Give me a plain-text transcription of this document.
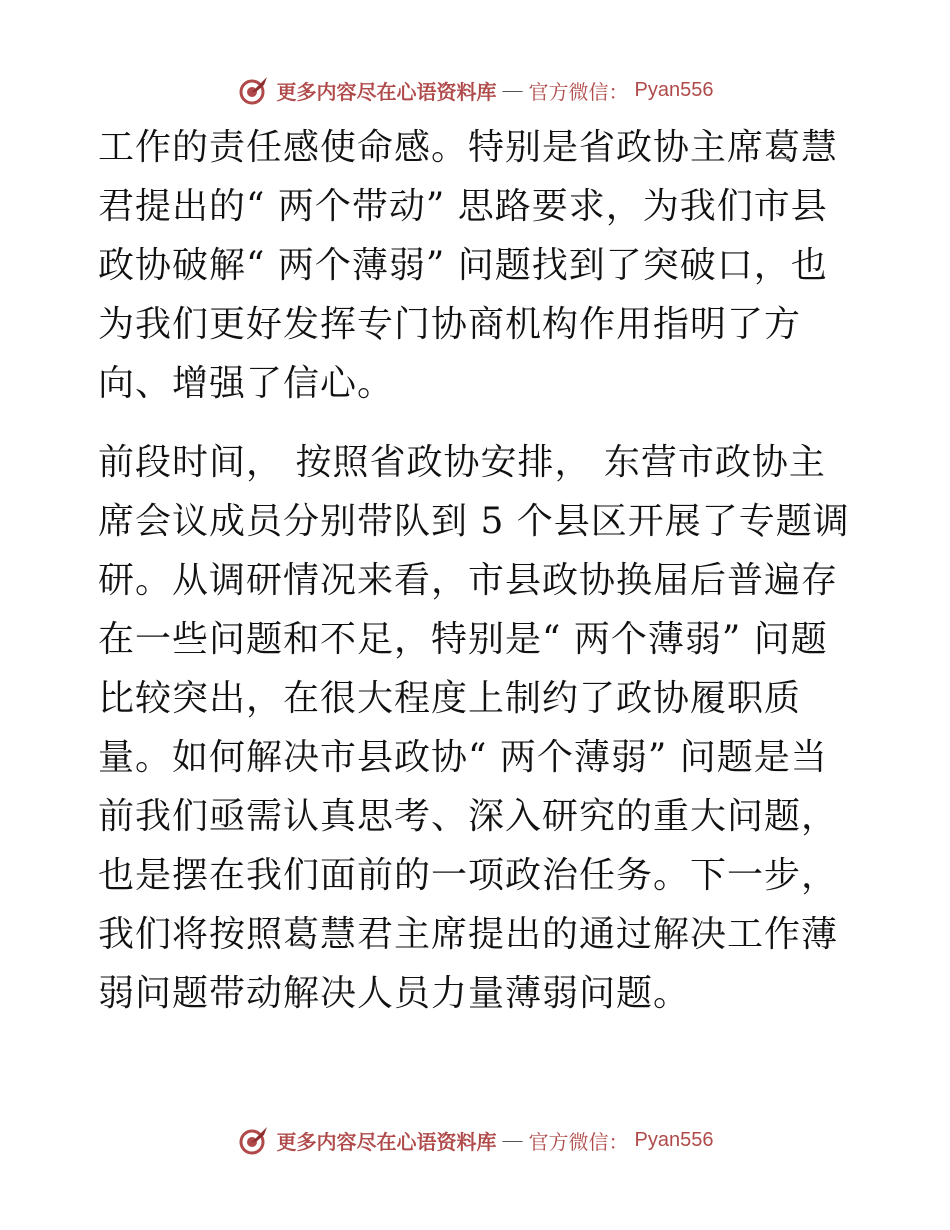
更多内容尽在心语资料库 — 官方微信： Pyan556

工作的责任感使命感。特别是省政协主席葛慧君提出的“ 两个带动” 思路要求，为我们市县政协破解“ 两个薄弱” 问题找到了突破口，也为我们更好发挥专门协商机构作用指明了方向、增强了信心。

前段时间， 按照省政协安排， 东营市政协主席会议成员分别带队到 5 个县区开展了专题调研。从调研情况来看，市县政协换届后普遍存在一些问题和不足，特别是“ 两个薄弱” 问题比较突出，在很大程度上制约了政协履职质量。如何解决市县政协“ 两个薄弱” 问题是当前我们亟需认真思考、深入研究的重大问题，也是摆在我们面前的一项政治任务。下一步，我们将按照葛慧君主席提出的通过解决工作薄弱问题带动解决人员力量薄弱问题。

更多内容尽在心语资料库 — 官方微信： Pyan556
